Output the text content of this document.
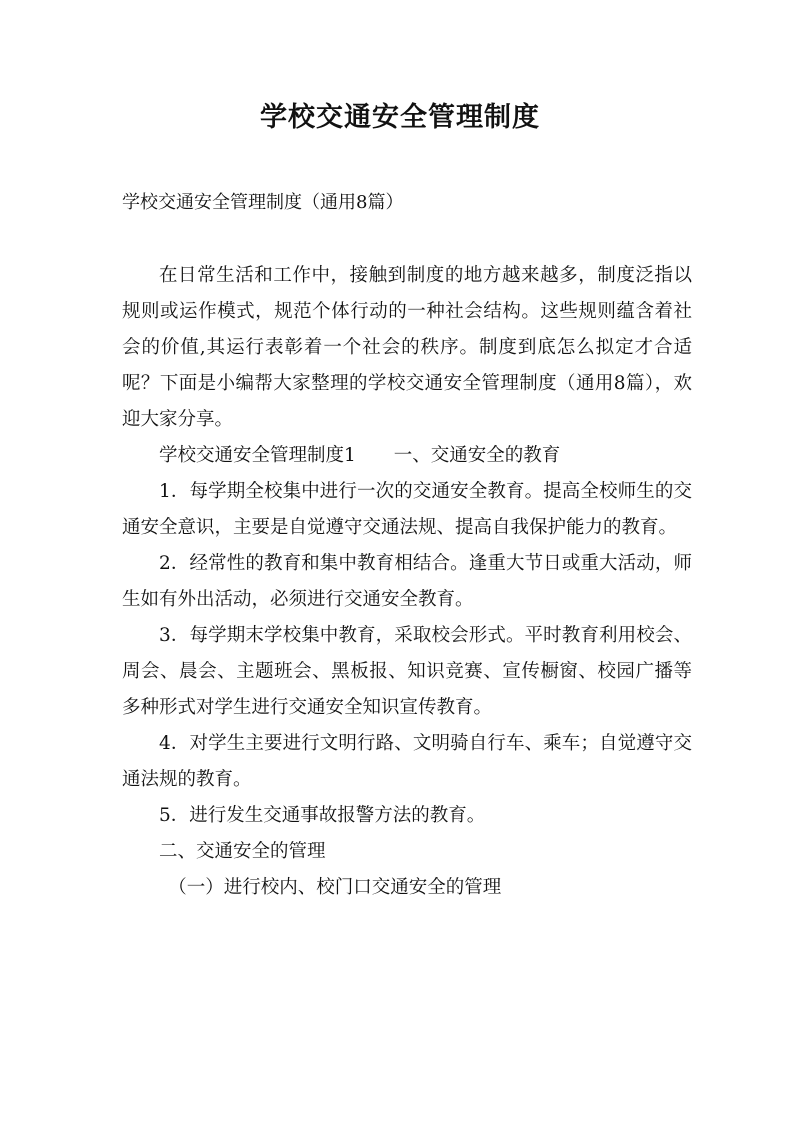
学校交通安全管理制度
学校交通安全管理制度（通用8篇）

在日常生活和工作中，接触到制度的地方越来越多，制度泛指以规则或运作模式，规范个体行动的一种社会结构。这些规则蕴含着社会的价值,其运行表彰着一个社会的秩序。制度到底怎么拟定才合适呢？下面是小编帮大家整理的学校交通安全管理制度（通用8篇），欢迎大家分享。

学校交通安全管理制度1 一、交通安全的教育

1．每学期全校集中进行一次的交通安全教育。提高全校师生的交通安全意识，主要是自觉遵守交通法规、提高自我保护能力的教育。

2．经常性的教育和集中教育相结合。逢重大节日或重大活动，师生如有外出活动，必须进行交通安全教育。

3．每学期末学校集中教育，采取校会形式。平时教育利用校会、周会、晨会、主题班会、黑板报、知识竞赛、宣传橱窗、校园广播等多种形式对学生进行交通安全知识宣传教育。

4．对学生主要进行文明行路、文明骑自行车、乘车；自觉遵守交通法规的教育。

5．进行发生交通事故报警方法的教育。

二、交通安全的管理

（一）进行校内、校门口交通安全的管理
